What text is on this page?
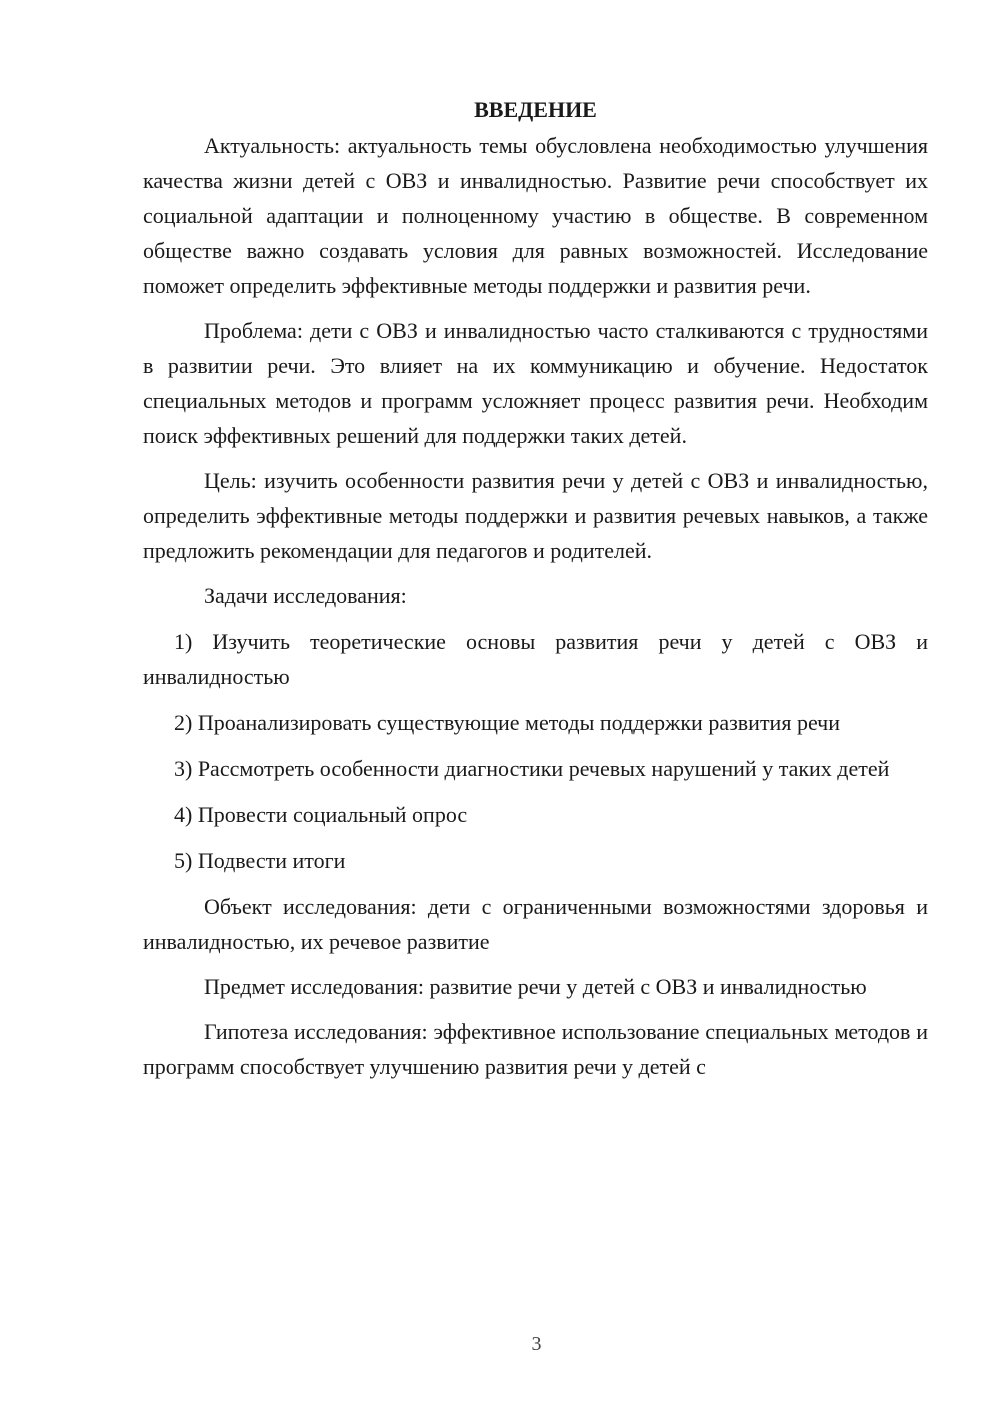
ВВЕДЕНИЕ

Актуальность: актуальность темы обусловлена необходимостью улучшения качества жизни детей с ОВЗ и инвалидностью. Развитие речи способствует их социальной адаптации и полноценному участию в обществе. В современном обществе важно создавать условия для равных возможностей. Исследование поможет определить эффективные методы поддержки и развития речи.

Проблема: дети с ОВЗ и инвалидностью часто сталкиваются с трудностями в развитии речи. Это влияет на их коммуникацию и обучение. Недостаток специальных методов и программ усложняет процесс развития речи. Необходим поиск эффективных решений для поддержки таких детей.

Цель: изучить особенности развития речи у детей с ОВЗ и инвалидностью, определить эффективные методы поддержки и развития речевых навыков, а также предложить рекомендации для педагогов и родителей.

Задачи исследования:

1) Изучить теоретические основы развития речи у детей с ОВЗ и инвалидностью

2) Проанализировать существующие методы поддержки развития речи

3) Рассмотреть особенности диагностики речевых нарушений у таких детей

4) Провести социальный опрос

5) Подвести итоги

Объект исследования: дети с ограниченными возможностями здоровья и инвалидностью, их речевое развитие

Предмет исследования: развитие речи у детей с ОВЗ и инвалидностью

Гипотеза исследования: эффективное использование специальных методов и программ способствует улучшению развития речи у детей с

3
